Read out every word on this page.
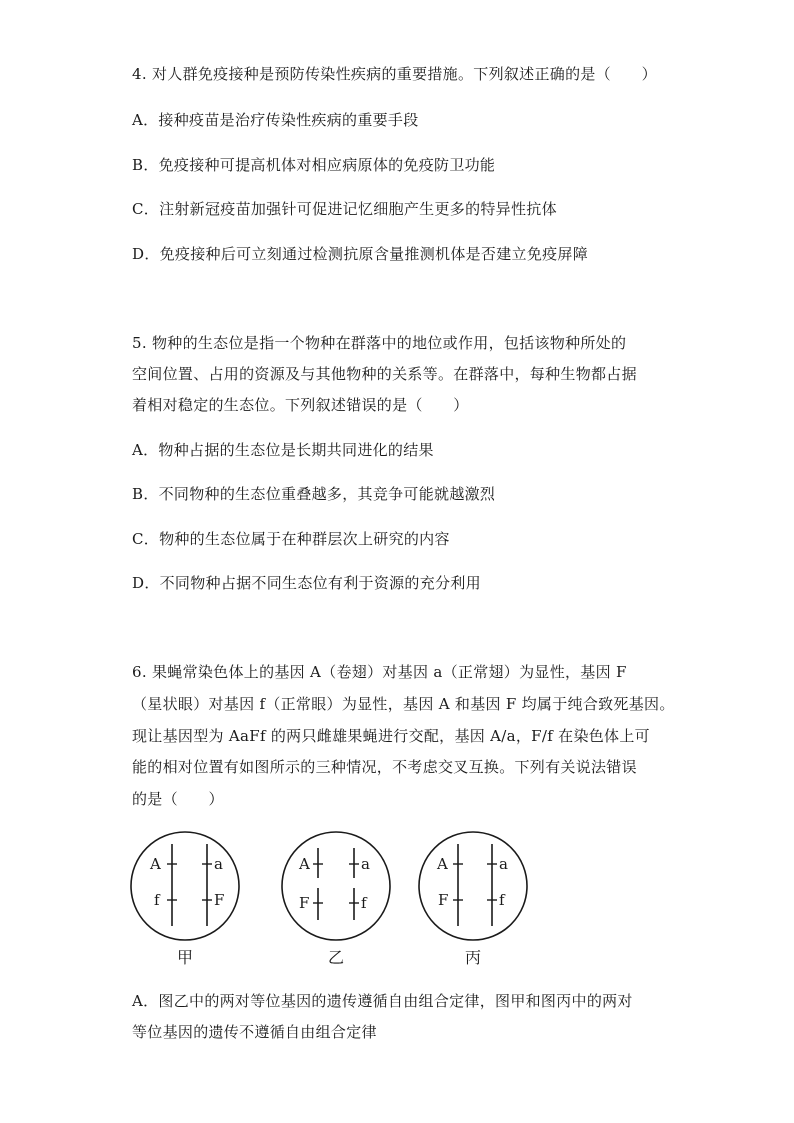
4. 对人群免疫接种是预防传染性疾病的重要措施。下列叙述正确的是（　　）

A．接种疫苗是治疗传染性疾病的重要手段

B．免疫接种可提高机体对相应病原体的免疫防卫功能

C．注射新冠疫苗加强针可促进记忆细胞产生更多的特异性抗体

D．免疫接种后可立刻通过检测抗原含量推测机体是否建立免疫屏障

5. 物种的生态位是指一个物种在群落中的地位或作用，包括该物种所处的

空间位置、占用的资源及与其他物种的关系等。在群落中，每种生物都占据

着相对稳定的生态位。下列叙述错误的是（　　）

A．物种占据的生态位是长期共同进化的结果

B．不同物种的生态位重叠越多，其竞争可能就越激烈

C．物种的生态位属于在种群层次上研究的内容

D．不同物种占据不同生态位有利于资源的充分利用

6. 果蝇常染色体上的基因 A（卷翅）对基因 a（正常翅）为显性，基因 F

（星状眼）对基因 f（正常眼）为显性，基因 A 和基因 F 均属于纯合致死基因。

现让基因型为 AaFf 的两只雌雄果蝇进行交配，基因 A/a，F/f 在染色体上可

能的相对位置有如图所示的三种情况，不考虑交叉互换。下列有关说法错误

的是（　　）

A
f
a
F
甲
A
F
a
f
乙
A
F
a
f
丙

A．图乙中的两对等位基因的遗传遵循自由组合定律，图甲和图丙中的两对

等位基因的遗传不遵循自由组合定律
